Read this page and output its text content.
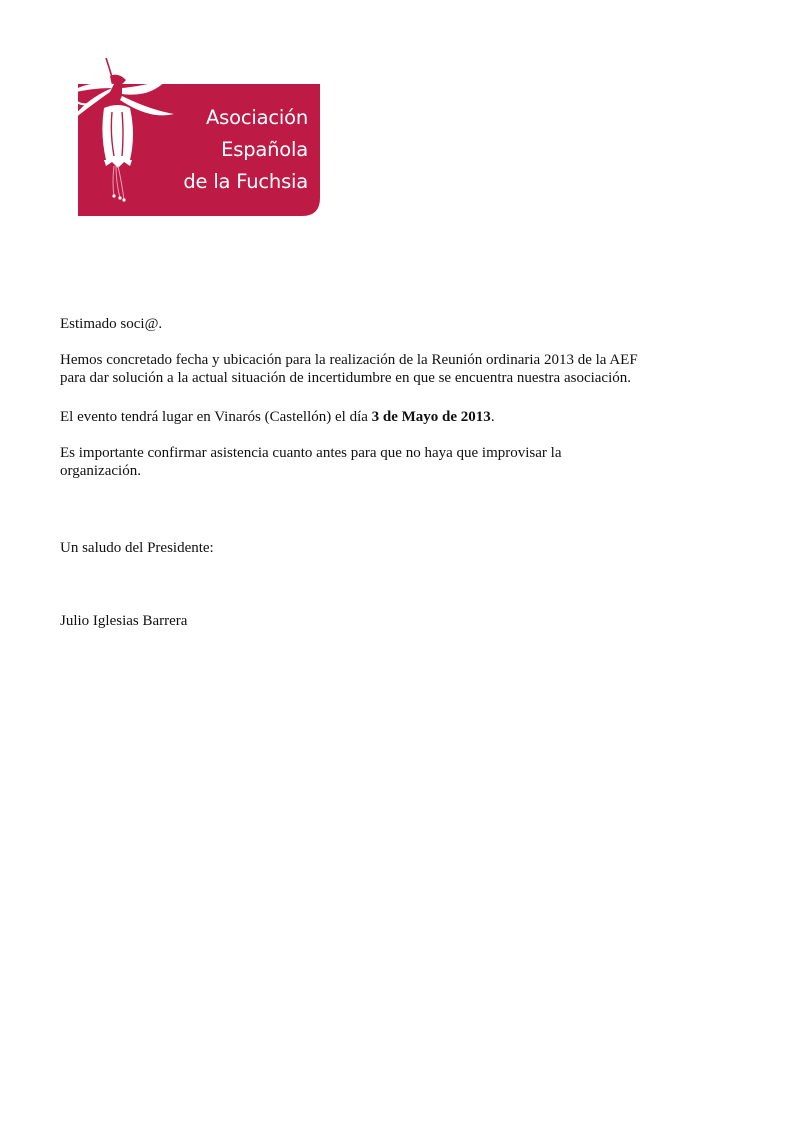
Asociación
Española
de la Fuchsia

Estimado soci@.

Hemos concretado fecha y ubicación para la realización de la Reunión ordinaria 2013 de la AEF
para dar solución a la actual situación de incertidumbre en que se encuentra nuestra asociación.

El evento tendrá lugar en Vinarós (Castellón) el día 3 de Mayo de 2013.

Es importante confirmar asistencia cuanto antes para que no haya que improvisar la
organización.

Un saludo del Presidente:

Julio Iglesias Barrera
